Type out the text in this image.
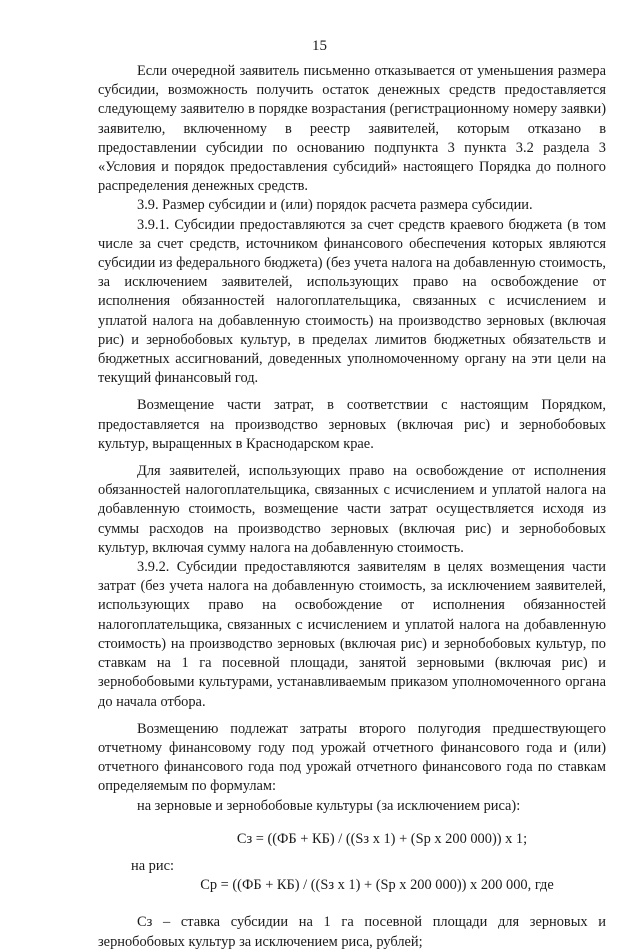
15

Если очередной заявитель письменно отказывается от уменьшения размера субсидии, возможность получить остаток денежных средств предоставляется следующему заявителю в порядке возрастания (регистрационному номеру заявки) заявителю, включенному в реестр заявителей, которым отказано в предоставлении субсидии по основанию подпункта 3 пункта 3.2 раздела 3 «Условия и порядок предоставления субсидий» настоящего Порядка до полного распределения денежных средств.

3.9. Размер субсидии и (или) порядок расчета размера субсидии.

3.9.1. Субсидии предоставляются за счет средств краевого бюджета (в том числе за счет средств, источником финансового обеспечения которых являются субсидии из федерального бюджета) (без учета налога на добавленную стоимость, за исключением заявителей, использующих право на освобождение от исполнения обязанностей налогоплательщика, связанных с исчислением и уплатой налога на добавленную стоимость) на производство зерновых (включая рис) и зернобобовых культур, в пределах лимитов бюджетных обязательств и бюджетных ассигнований, доведенных уполномоченному органу на эти цели на текущий финансовый год.

Возмещение части затрат, в соответствии с настоящим Порядком, предоставляется на производство зерновых (включая рис) и зернобобовых культур, выращенных в Краснодарском крае.

Для заявителей, использующих право на освобождение от исполнения обязанностей налогоплательщика, связанных с исчислением и уплатой налога на добавленную стоимость, возмещение части затрат осуществляется исходя из суммы расходов на производство зерновых (включая рис) и зернобобовых культур, включая сумму налога на добавленную стоимость.

3.9.2. Субсидии предоставляются заявителям в целях возмещения части затрат (без учета налога на добавленную стоимость, за исключением заявителей, использующих право на освобождение от исполнения обязанностей налогоплательщика, связанных с исчислением и уплатой налога на добавленную стоимость) на производство зерновых (включая рис) и зернобобовых культур, по ставкам на 1 га посевной площади, занятой зерновыми (включая рис) и зернобобовыми культурами, устанавливаемым приказом уполномоченного органа до начала отбора.

Возмещению подлежат затраты второго полугодия предшествующего отчетному финансовому году под урожай отчетного финансового года и (или) отчетного финансового года под урожай отчетного финансового года по ставкам определяемым по формулам:

на зерновые и зернобобовые культуры (за исключением риса):

Сз = ((ФБ + КБ) / ((Sз х 1) + (Sр х 200 000)) х 1;

на рис:

Ср = ((ФБ + КБ) / ((Sз х 1) + (Sр х 200 000)) х 200 000, где

Сз – ставка субсидии на 1 га посевной площади для зерновых и зернобобовых культур за исключением риса, рублей;
